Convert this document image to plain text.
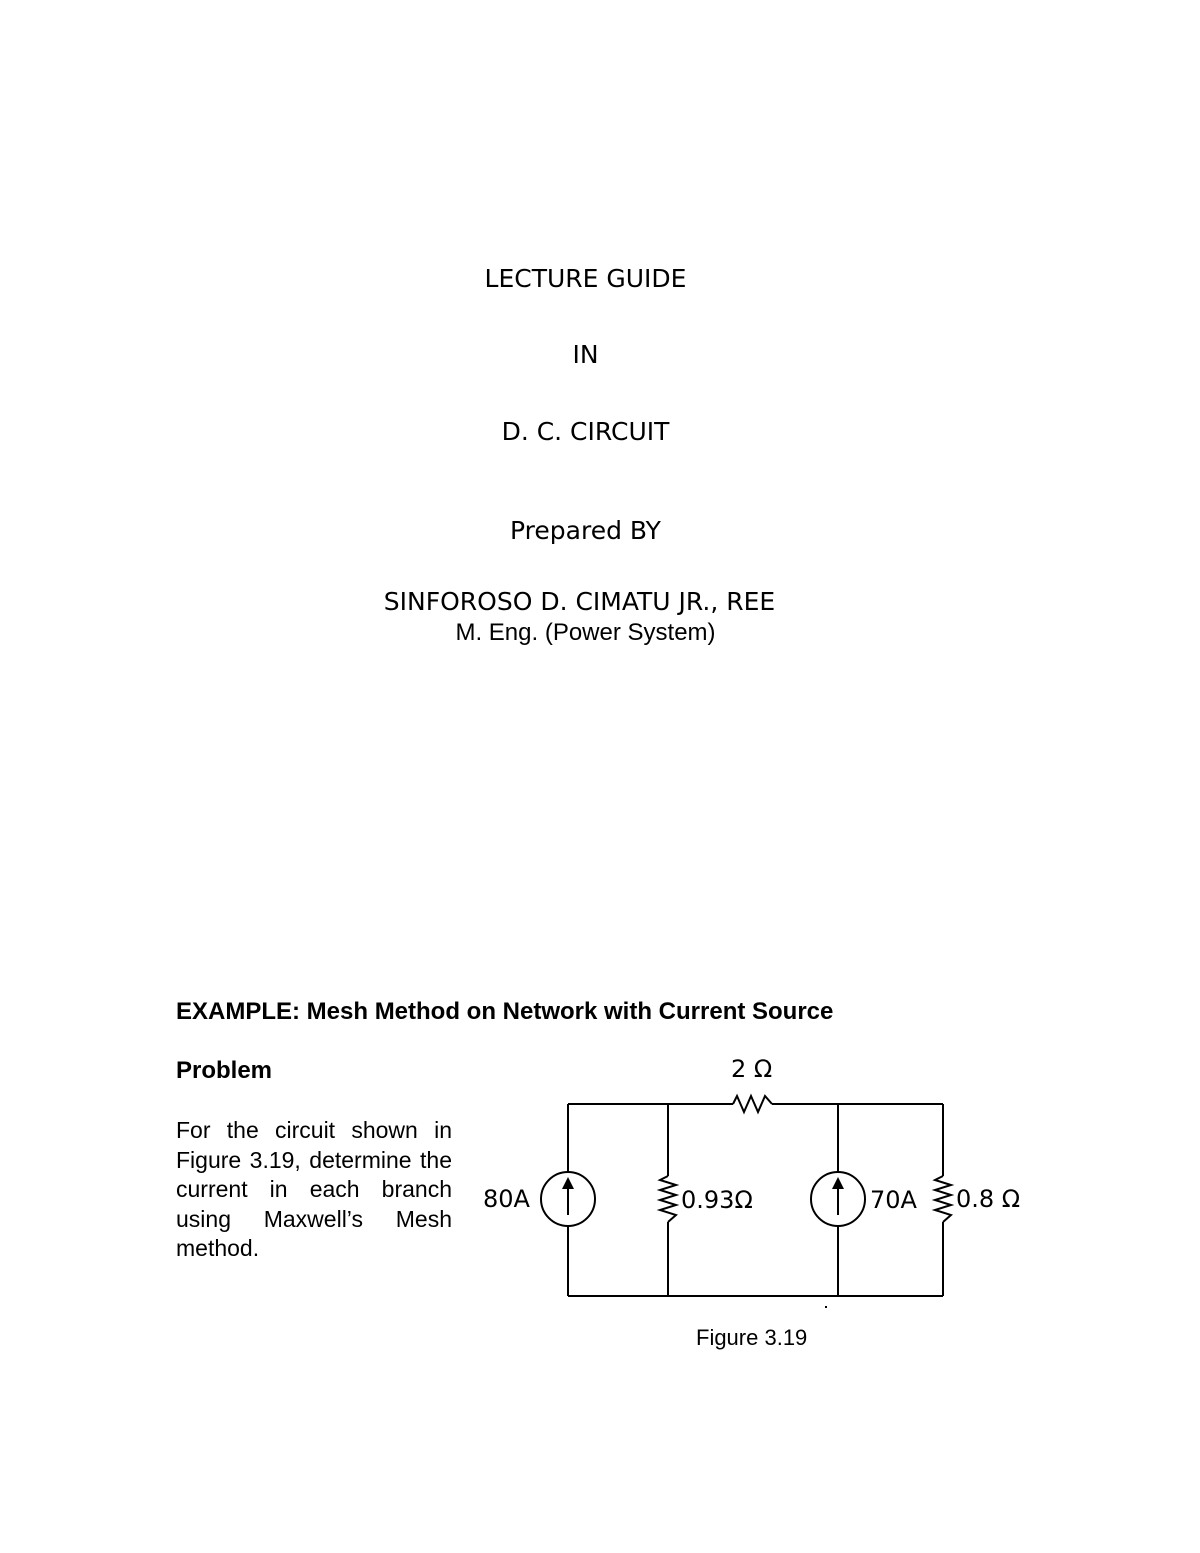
LECTURE GUIDE
IN
D. C. CIRCUIT
Prepared BY
SINFOROSO D. CIMATU JR., REE
M. Eng. (Power System)
EXAMPLE: Mesh Method on Network with Current Source
Problem
For the circuit shown in Figure 3.19, determine the current in each branch using Maxwell’s Mesh method.
2 Ω
80A	0.93Ω	70A 0.8 Ω
Figure 3.19
